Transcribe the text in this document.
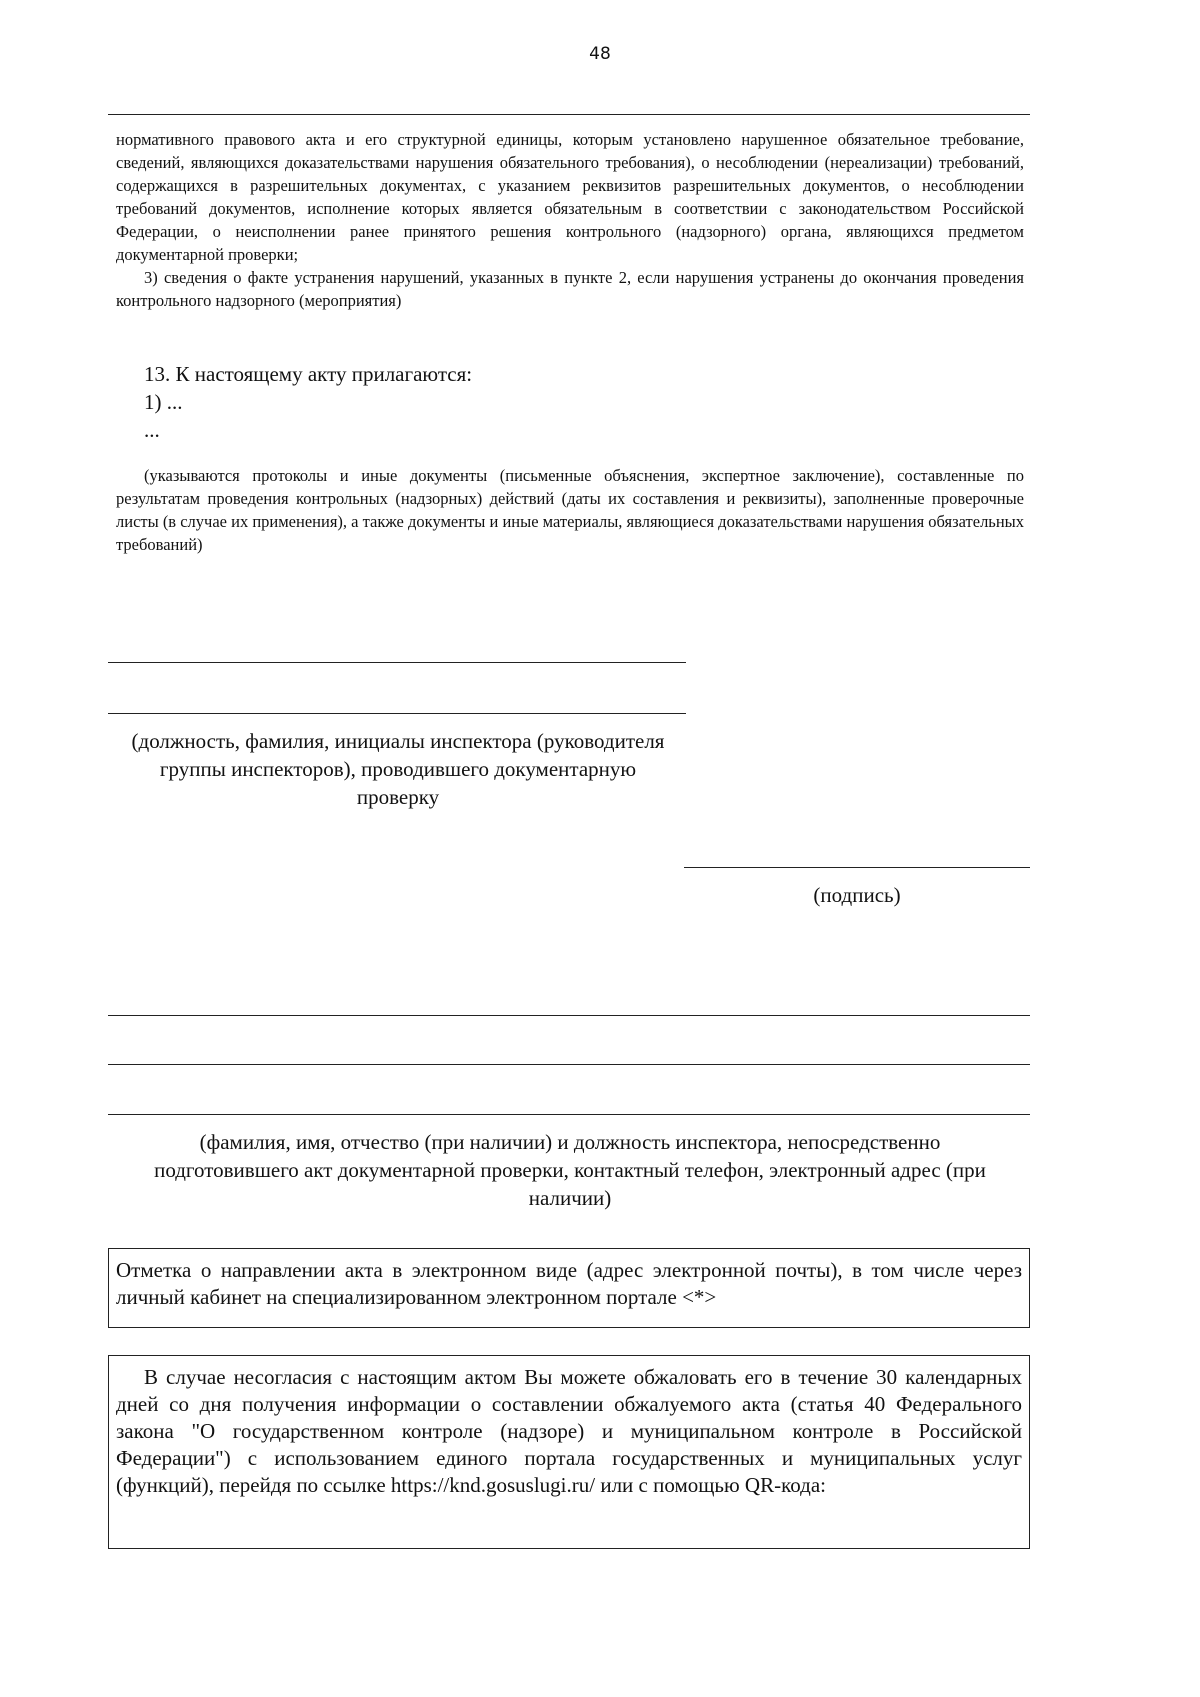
48

нормативного правового акта и его структурной единицы, которым установлено нарушенное обязательное требование, сведений, являющихся доказательствами нарушения обязательного требования), о несоблюдении (нереализации) требований, содержащихся в разрешительных документах, с указанием реквизитов разрешительных документов, о несоблюдении требований документов, исполнение которых является обязательным в соответствии с законодательством Российской Федерации, о неисполнении ранее принятого решения контрольного (надзорного) органа, являющихся предметом документарной проверки;

3) сведения о факте устранения нарушений, указанных в пункте 2, если нарушения устранены до окончания проведения контрольного надзорного (мероприятия)

13. К настоящему акту прилагаются:
1) ...
...

(указываются протоколы и иные документы (письменные объяснения, экспертное заключение), составленные по результатам проведения контрольных (надзорных) действий (даты их составления и реквизиты), заполненные проверочные листы (в случае их применения), а также документы и иные материалы, являющиеся доказательствами нарушения обязательных требований)

(должность, фамилия, инициалы инспектора (руководителя группы инспекторов), проводившего документарную проверку
(подпись)
(фамилия, имя, отчество (при наличии) и должность инспектора, непосредственно подготовившего акт документарной проверки, контактный телефон, электронный адрес (при наличии)
Отметка о направлении акта в электронном виде (адрес электронной почты), в том числе через личный кабинет на специализированном электронном портале <*>
В случае несогласия с настоящим актом Вы можете обжаловать его в течение 30 календарных дней со дня получения информации о составлении обжалуемого акта (статья 40 Федерального закона "О государственном контроле (надзоре) и муниципальном контроле в Российской Федерации") с использованием единого портала государственных и муниципальных услуг (функций), перейдя по ссылке https://knd.gosuslugi.ru/ или с помощью QR-кода:
